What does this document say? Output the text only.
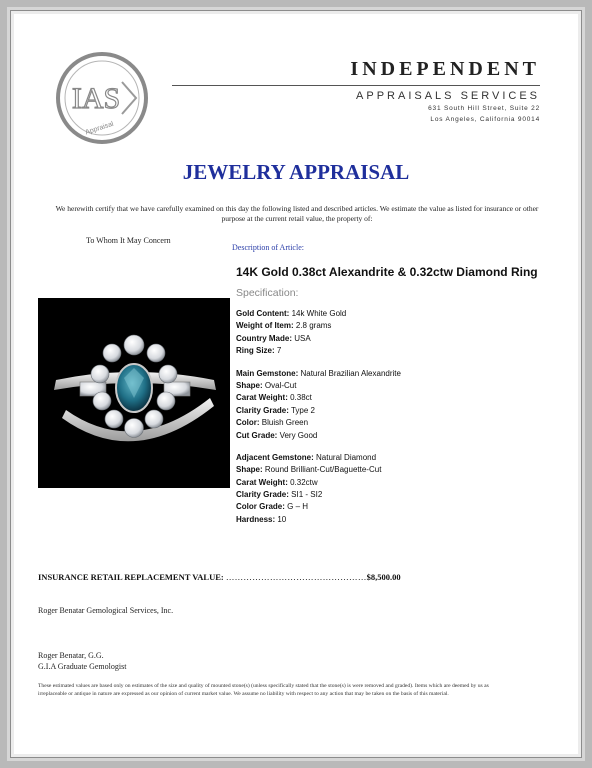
IAS
Appraisal
INDEPENDENT
APPRAISALS SERVICES
631 South Hill Street, Suite 22
Los Angeles, California 90014
JEWELRY APPRAISAL
We herewith certify that we have carefully examined on this day the following listed and described articles. We estimate the value as listed for insurance or other purpose at the current retail value, the property of:
To Whom It May Concern
Description of Article:
14K Gold 0.38ct Alexandrite & 0.32ctw Diamond Ring
Specification:
Gold Content: 14k White Gold
Weight of Item: 2.8 grams
Country Made: USA
Ring Size: 7
Main Gemstone: Natural Brazilian Alexandrite
Shape: Oval-Cut
Carat Weight: 0.38ct
Clarity Grade: Type 2
Color: Bluish Green
Cut Grade: Very Good
Adjacent Gemstone: Natural Diamond
Shape: Round Brilliant-Cut/Baguette-Cut
Carat Weight: 0.32ctw
Clarity Grade: SI1 - SI2
Color Grade: G – H
Hardness: 10
INSURANCE RETAIL REPLACEMENT VALUE: …………………………………………$8,500.00
Roger Benatar Gemological Services, Inc.
Roger Benatar, G.G.
G.I.A Graduate Gemologist
These estimated values are based only on estimates of the size and quality of mounted stone(s) (unless specifically stated that the stone(s) is were removed and graded). Items which are deemed by us as irreplaceable or antique in nature are expressed as our opinion of current market value. We assume no liability with respect to any action that may be taken on the basis of this material.
